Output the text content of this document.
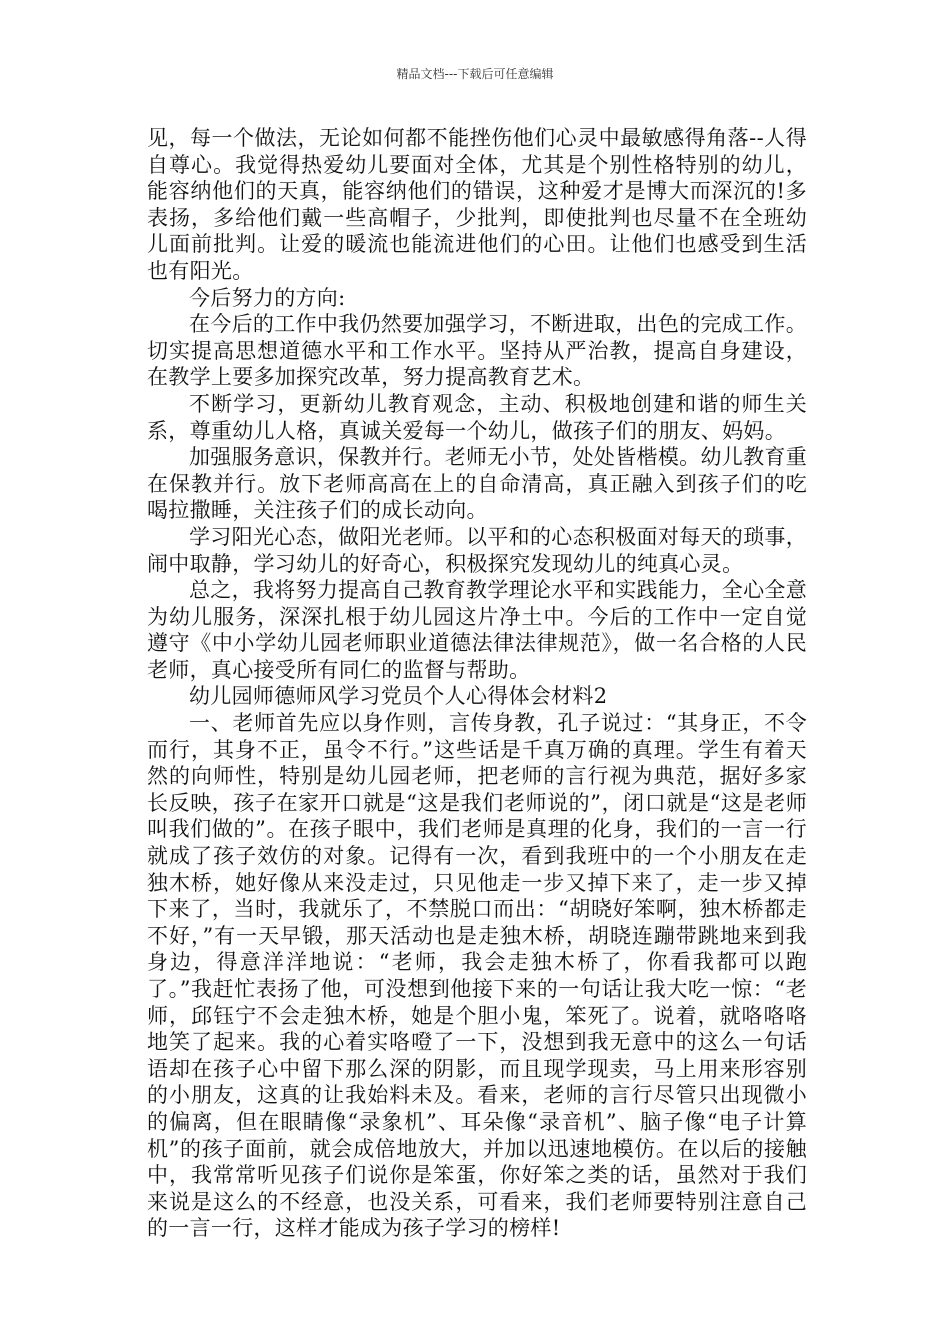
精品文档---下载后可任意编辑

见，每一个做法，无论如何都不能挫伤他们心灵中最敏感得角落--人得自尊心。我觉得热爱幼儿要面对全体，尤其是个别性格特别的幼儿，能容纳他们的天真，能容纳他们的错误，这种爱才是博大而深沉的!多表扬，多给他们戴一些高帽子，少批判，即使批判也尽量不在全班幼儿面前批判。让爱的暖流也能流进他们的心田。让他们也感受到生活也有阳光。

今后努力的方向:

在今后的工作中我仍然要加强学习，不断进取，出色的完成工作。切实提高思想道德水平和工作水平。坚持从严治教，提高自身建设，在教学上要多加探究改革，努力提高教育艺术。

不断学习，更新幼儿教育观念，主动、积极地创建和谐的师生关系，尊重幼儿人格，真诚关爱每一个幼儿，做孩子们的朋友、妈妈。

加强服务意识，保教并行。老师无小节，处处皆楷模。幼儿教育重在保教并行。放下老师高高在上的自命清高，真正融入到孩子们的吃喝拉撒睡，关注孩子们的成长动向。

学习阳光心态，做阳光老师。以平和的心态积极面对每天的琐事，闹中取静，学习幼儿的好奇心，积极探究发现幼儿的纯真心灵。

总之，我将努力提高自己教育教学理论水平和实践能力，全心全意为幼儿服务，深深扎根于幼儿园这片净土中。今后的工作中一定自觉遵守《中小学幼儿园老师职业道德法律法律规范》，做一名合格的人民老师，真心接受所有同仁的监督与帮助。

幼儿园师德师风学习党员个人心得体会材料2

一、老师首先应以身作则，言传身教，孔子说过：“其身正，不令而行，其身不正，虽令不行。”这些话是千真万确的真理。学生有着天然的向师性，特别是幼儿园老师，把老师的言行视为典范，据好多家长反映，孩子在家开口就是“这是我们老师说的”，闭口就是“这是老师叫我们做的”。在孩子眼中，我们老师是真理的化身，我们的一言一行就成了孩子效仿的对象。记得有一次，看到我班中的一个小朋友在走独木桥，她好像从来没走过，只见他走一步又掉下来了，走一步又掉下来了，当时，我就乐了，不禁脱口而出：“胡晓好笨啊，独木桥都走不好，”有一天早锻，那天活动也是走独木桥，胡晓连蹦带跳地来到我身边，得意洋洋地说：“老师，我会走独木桥了，你看我都可以跑了。”我赶忙表扬了他，可没想到他接下来的一句话让我大吃一惊：“老师，邱钰宁不会走独木桥，她是个胆小鬼，笨死了。说着，就咯咯咯地笑了起来。我的心着实咯噔了一下，没想到我无意中的这么一句话语却在孩子心中留下那么深的阴影，而且现学现卖，马上用来形容别的小朋友，这真的让我始料未及。看来，老师的言行尽管只出现微小的偏离，但在眼睛像“录象机”、耳朵像“录音机”、脑子像“电子计算机”的孩子面前，就会成倍地放大，并加以迅速地模仿。在以后的接触中，我常常听见孩子们说你是笨蛋，你好笨之类的话，虽然对于我们来说是这么的不经意，也没关系，可看来，我们老师要特别注意自己的一言一行，这样才能成为孩子学习的榜样!
